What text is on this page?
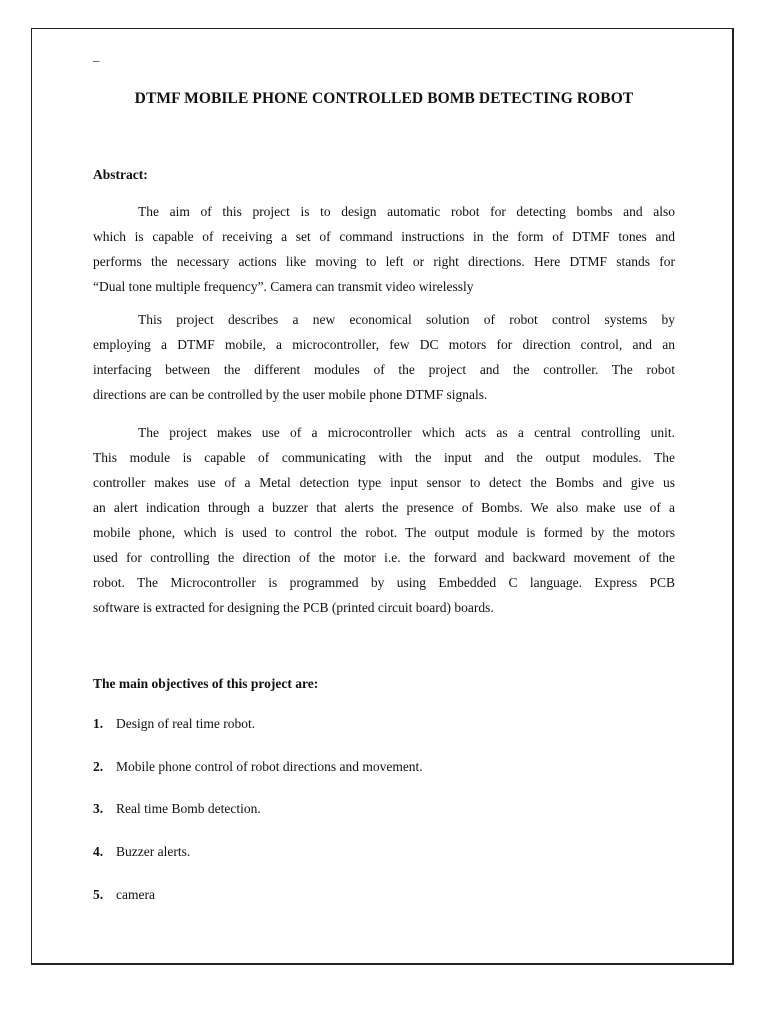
_
DTMF MOBILE PHONE CONTROLLED BOMB DETECTING ROBOT
Abstract:
The aim of this project is to design automatic robot for detecting bombs and also
which is capable of receiving a set of command instructions in the form of DTMF tones and
performs the necessary actions like moving to left or right directions. Here DTMF stands for
“Dual tone multiple frequency”. Camera can transmit video wirelessly
This project describes a new economical solution of robot control systems by
employing a DTMF mobile, a microcontroller, few DC motors for direction control, and an
interfacing between the different modules of the project and the controller. The robot
directions are can be controlled by the user mobile phone DTMF signals.
The project makes use of a microcontroller which acts as a central controlling unit.
This module is capable of communicating with the input and the output modules. The
controller makes use of a Metal detection type input sensor to detect the Bombs and give us
an alert indication through a buzzer that alerts the presence of Bombs. We also make use of a
mobile phone, which is used to control the robot. The output module is formed by the motors
used for controlling the direction of the motor i.e. the forward and backward movement of the
robot. The Microcontroller is programmed by using Embedded C language. Express PCB
software is extracted for designing the PCB (printed circuit board) boards.
The main objectives of this project are:
1. Design of real time robot.
2. Mobile phone control of robot directions and movement.
3. Real time Bomb detection.
4. Buzzer alerts.
5. camera
